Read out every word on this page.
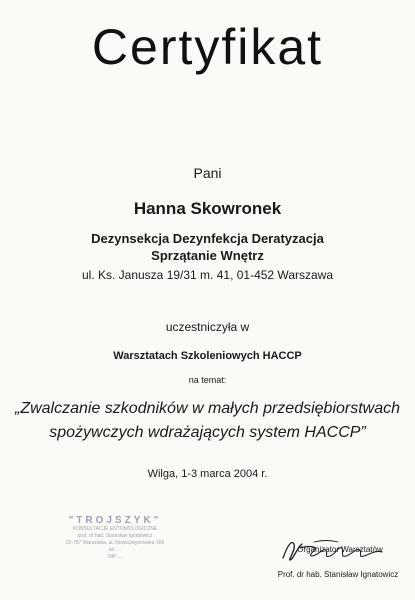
Certyfikat
Pani
Hanna Skowronek
Dezynsekcja Dezynfekcja Deratyzacja
Sprzątanie Wnętrz
ul. Ks. Janusza 19/31 m. 41, 01-452 Warszawa
uczestniczyła w
Warsztatach Szkoleniowych HACCP
na temat:
„Zwalczanie szkodników w małych przedsiębiorstwach
spożywczych wdrażających system HACCP”
Wilga, 1-3 marca 2004 r.
"TROJSZYK"
KONSULTACJE ENTOMOLOGICZNE
prof. dr hab. Stanisław Ignatowicz
02-787 Warszawa, ul. Nowoursynowska 166
tel. ...
NIP ...
Organizator Warsztatów
Prof. dr hab. Stanisław Ignatowicz
